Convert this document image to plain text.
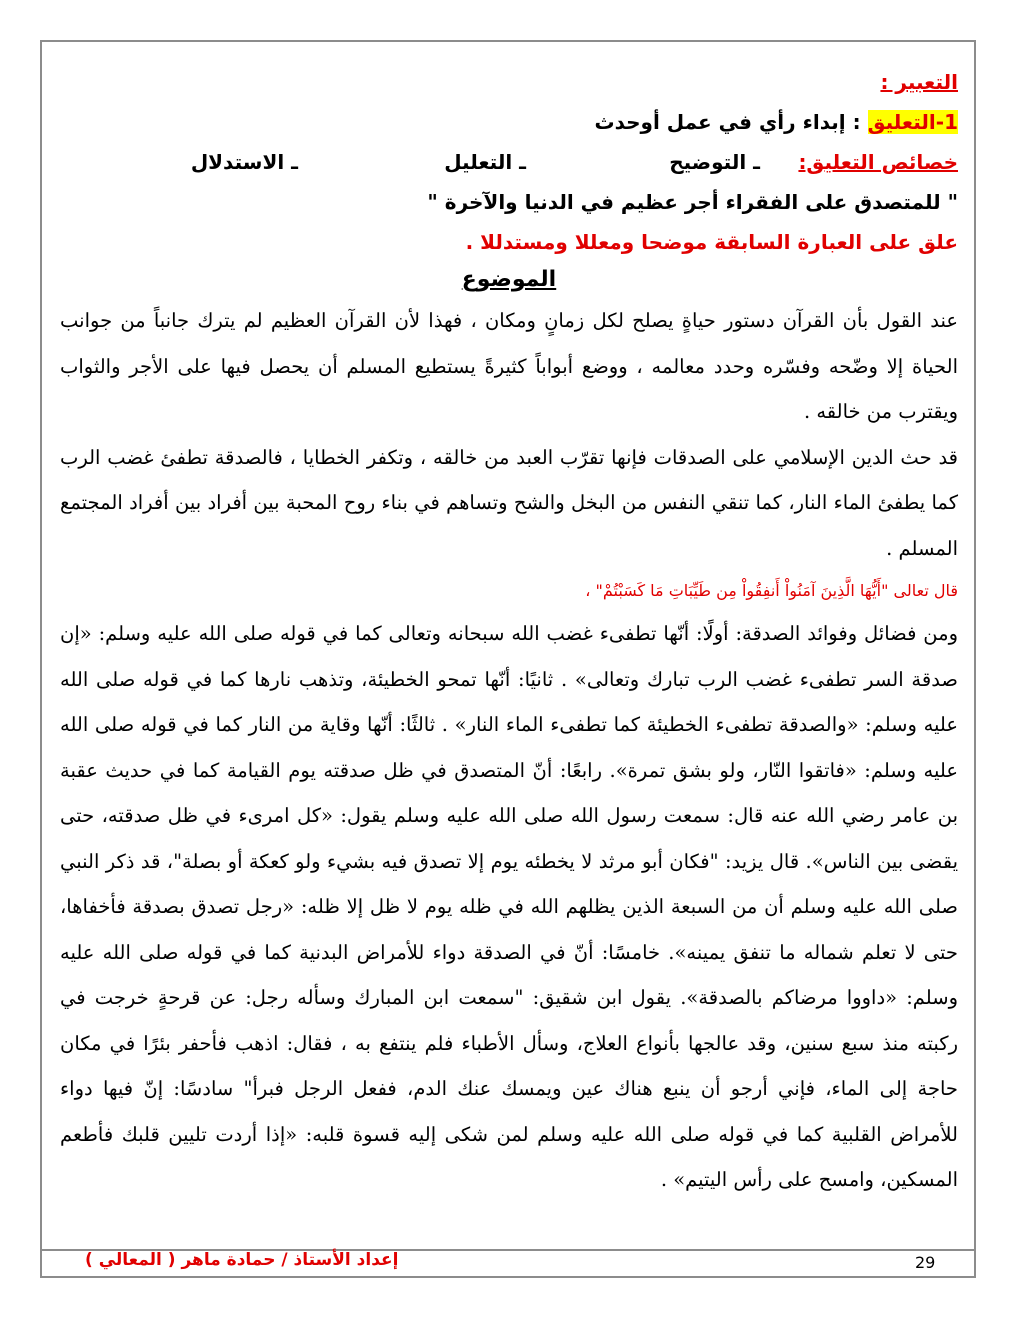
التعبير :
1-التعليق : إبداء رأي في عمل أوحدث
خصائص التعليق:
ـ التوضيح
ـ التعليل
ـ الاستدلال
" للمتصدق على الفقراء أجر عظيم في الدنيا والآخرة "
علق على العبارة السابقة موضحا ومعللا ومستدللا .
الموضوع
عند القول بأن القرآن دستور حياةٍ يصلح لكل زمانٍ ومكان ، فهذا لأن القرآن العظيم لم يترك جانباً من جوانب الحياة إلا وضّحه وفسّره وحدد معالمه ، ووضع أبواباً كثيرةً يستطيع المسلم أن يحصل فيها على الأجر والثواب ويقترب من خالقه .
قد حث الدين الإسلامي على الصدقات فإنها تقرّب العبد من خالقه ، وتكفر الخطايا ، فالصدقة تطفئ غضب الرب كما يطفئ الماء النار، كما تنقي النفس من البخل والشح وتساهم في بناء روح المحبة بين أفراد بين أفراد المجتمع المسلم .
قال تعالى "أَيُّهَا الَّذِينَ آمَنُواْ أَنفِقُواْ مِن طَيِّبَاتِ مَا كَسَبْتُمْ" ،
ومن فضائل وفوائد الصدقة: أولًا: أنّها تطفىء غضب الله سبحانه وتعالى كما في قوله صلى الله عليه وسلم: «إن صدقة السر تطفىء غضب الرب تبارك وتعالى» . ثانيًا: أنّها تمحو الخطيئة، وتذهب نارها كما في قوله صلى الله عليه وسلم: «والصدقة تطفىء الخطيئة كما تطفىء الماء النار» . ثالثًا: أنّها وقاية من النار كما في قوله صلى الله عليه وسلم: «فاتقوا النّار، ولو بشق تمرة». رابعًا: أنّ المتصدق في ظل صدقته يوم القيامة كما في حديث عقبة بن عامر رضي الله عنه قال: سمعت رسول الله صلى الله عليه وسلم يقول: «كل امرىء في ظل صدقته، حتى يقضى بين الناس». قال يزيد: "فكان أبو مرثد لا يخطئه يوم إلا تصدق فيه بشيء ولو كعكة أو بصلة"، قد ذكر النبي صلى الله عليه وسلم أن من السبعة الذين يظلهم الله في ظله يوم لا ظل إلا ظله: «رجل تصدق بصدقة فأخفاها، حتى لا تعلم شماله ما تنفق يمينه». خامسًا: أنّ في الصدقة دواء للأمراض البدنية كما في قوله صلى الله عليه وسلم: «داووا مرضاكم بالصدقة». يقول ابن شقيق: "سمعت ابن المبارك وسأله رجل: عن قرحةٍ خرجت في ركبته منذ سبع سنين، وقد عالجها بأنواع العلاج، وسأل الأطباء فلم ينتفع به ، فقال: اذهب فأحفر بئرًا في مكان حاجة إلى الماء، فإني أرجو أن ينبع هناك عين ويمسك عنك الدم، ففعل الرجل فبرأ" سادسًا: إنّ فيها دواء للأمراض القلبية كما في قوله صلى الله عليه وسلم لمن شكى إليه قسوة قلبه: «إذا أردت تليين قلبك فأطعم المسكين، وامسح على رأس اليتيم» .
إعداد الأستاذ / حمادة ماهر ( المعالي )	29
